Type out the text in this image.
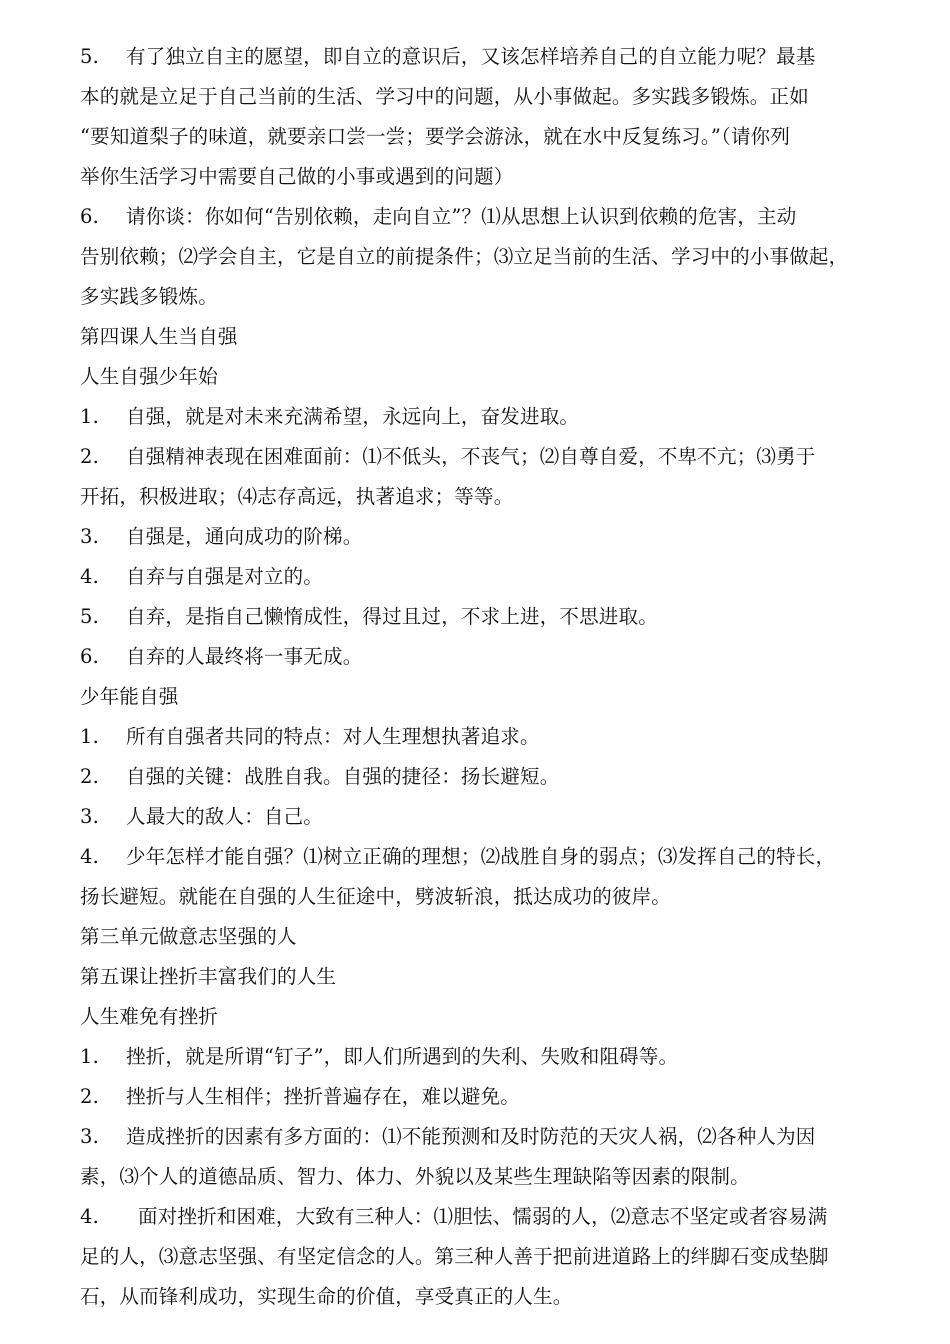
5. 有了独立自主的愿望，即自立的意识后，又该怎样培养自己的自立能力呢？最基
本的就是立足于自己当前的生活、学习中的问题，从小事做起。多实践多锻炼。正如
“要知道梨子的味道，就要亲口尝一尝；要学会游泳，就在水中反复练习。”（请你列
举你生活学习中需要自己做的小事或遇到的问题）
6. 请你谈：你如何“告别依赖，走向自立”？⑴从思想上认识到依赖的危害，主动
告别依赖；⑵学会自主，它是自立的前提条件；⑶立足当前的生活、学习中的小事做起，
多实践多锻炼。
第四课人生当自强
人生自强少年始
1. 自强，就是对未来充满希望，永远向上，奋发进取。
2. 自强精神表现在困难面前：⑴不低头，不丧气；⑵自尊自爱，不卑不亢；⑶勇于
开拓，积极进取；⑷志存高远，执著追求；等等。
3. 自强是，通向成功的阶梯。
4. 自弃与自强是对立的。
5. 自弃，是指自己懒惰成性，得过且过，不求上进，不思进取。
6. 自弃的人最终将一事无成。
少年能自强
1. 所有自强者共同的特点：对人生理想执著追求。
2. 自强的关键：战胜自我。自强的捷径：扬长避短。
3. 人最大的敌人：自己。
4. 少年怎样才能自强？⑴树立正确的理想；⑵战胜自身的弱点；⑶发挥自己的特长，
扬长避短。就能在自强的人生征途中，劈波斩浪，抵达成功的彼岸。
第三单元做意志坚强的人
第五课让挫折丰富我们的人生
人生难免有挫折
1. 挫折，就是所谓“钉子”，即人们所遇到的失利、失败和阻碍等。
2. 挫折与人生相伴；挫折普遍存在，难以避免。
3. 造成挫折的因素有多方面的：⑴不能预测和及时防范的天灾人祸，⑵各种人为因
素，⑶个人的道德品质、智力、体力、外貌以及某些生理缺陷等因素的限制。
4. 面对挫折和困难，大致有三种人：⑴胆怯、懦弱的人，⑵意志不坚定或者容易满
足的人，⑶意志坚强、有坚定信念的人。第三种人善于把前进道路上的绊脚石变成垫脚
石，从而锋利成功，实现生命的价值，享受真正的人生。
